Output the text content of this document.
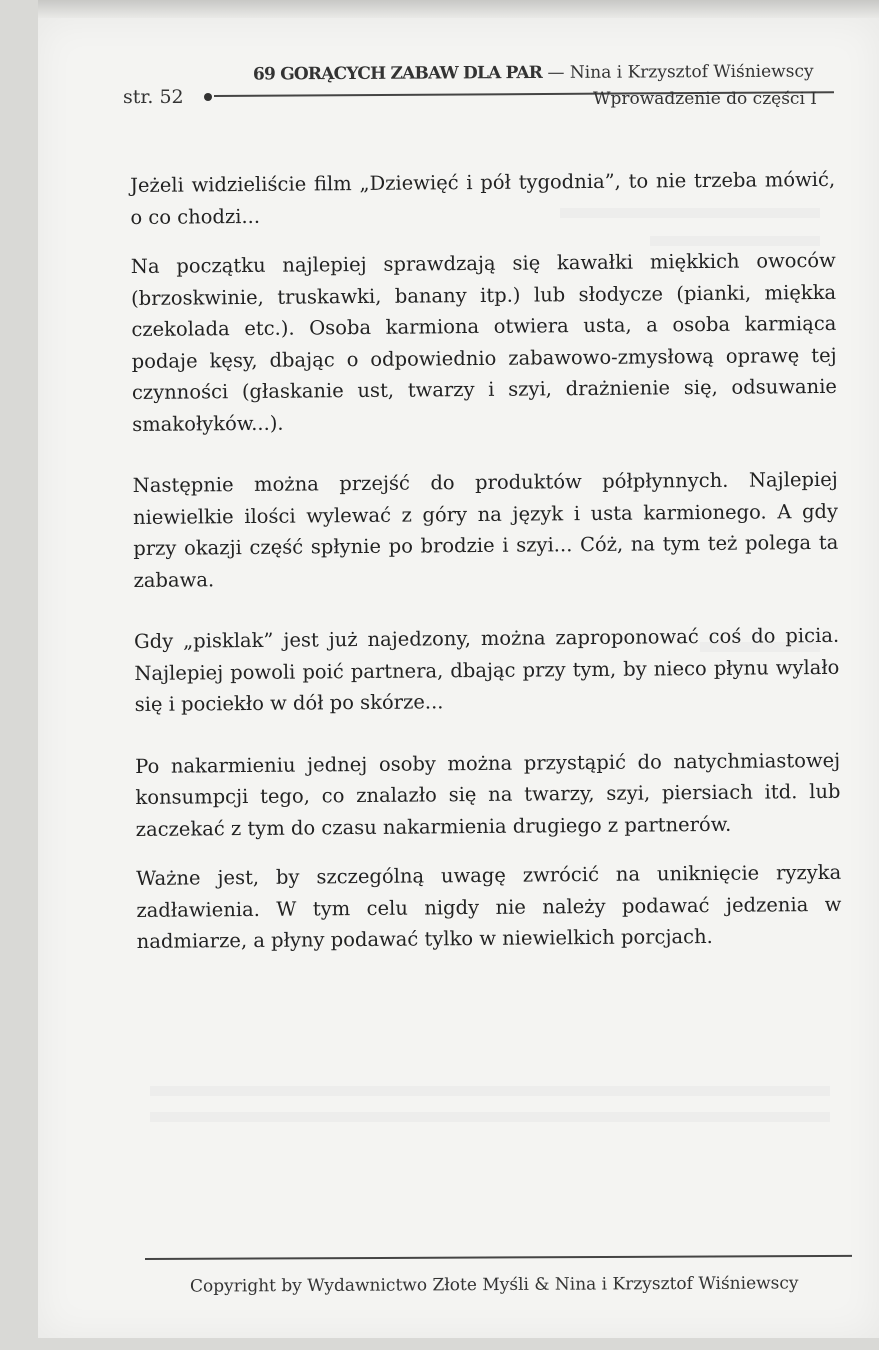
str. 52
69 GORĄCYCH ZABAW DLA PAR — Nina i Krzysztof Wiśniewscy
Wprowadzenie do części I

Jeżeli widzieliście film „Dziewięć i pół tygodnia”, to nie trzeba mówić, o co chodzi...

Na początku najlepiej sprawdzają się kawałki miękkich owoców (brzoskwinie, truskawki, banany itp.) lub słodycze (pianki, miękka czekolada etc.). Osoba karmiona otwiera usta, a osoba karmiąca podaje kęsy, dbając o odpowiednio zabawowo-zmysłową oprawę tej czynności (głaskanie ust, twarzy i szyi, drażnienie się, odsuwanie smakołyków...).

Następnie można przejść do produktów półpłynnych. Najlepiej niewielkie ilości wylewać z góry na język i usta karmionego. A gdy przy okazji część spłynie po brodzie i szyi... Cóż, na tym też polega ta zabawa.

Gdy „pisklak” jest już najedzony, można zaproponować coś do picia. Najlepiej powoli poić partnera, dbając przy tym, by nieco płynu wylało się i pociekło w dół po skórze...

Po nakarmieniu jednej osoby można przystąpić do natychmiastowej konsumpcji tego, co znalazło się na twarzy, szyi, piersiach itd. lub zaczekać z tym do czasu nakarmienia drugiego z partnerów.

Ważne jest, by szczególną uwagę zwrócić na uniknięcie ryzyka zadławienia. W tym celu nigdy nie należy podawać jedzenia w nadmiarze, a płyny podawać tylko w niewielkich porcjach.

Copyright by Wydawnictwo Złote Myśli & Nina i Krzysztof Wiśniewscy
